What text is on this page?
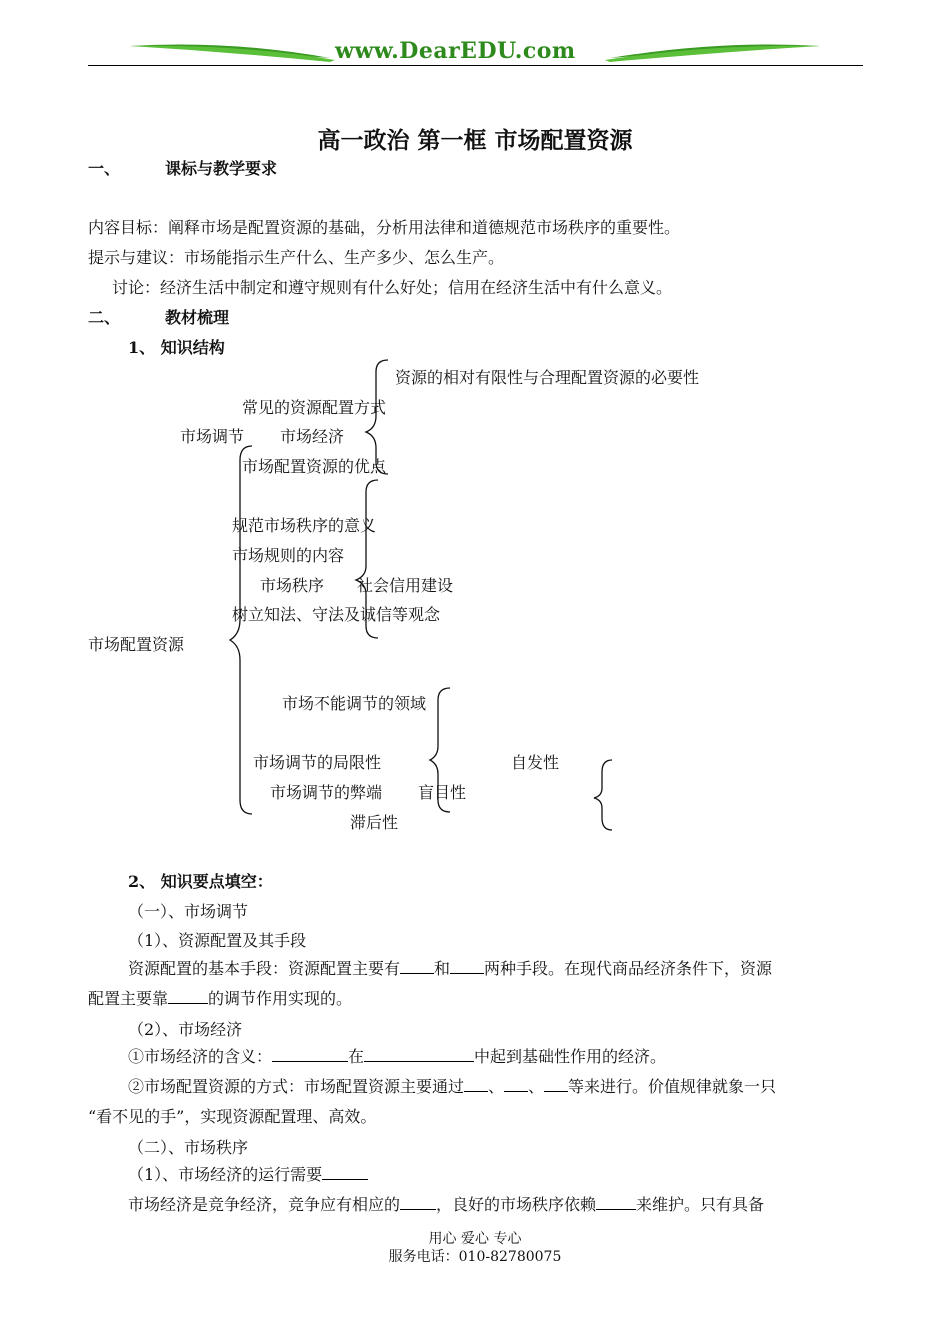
www.DearEDU.com
高一政治 第一框 市场配置资源
一、	课标与教学要求
内容目标：阐释市场是配置资源的基础，分析用法律和道德规范市场秩序的重要性。
提示与建议：市场能指示生产什么、生产多少、怎么生产。
讨论：经济生活中制定和遵守规则有什么好处；信用在经济生活中有什么意义。
二、	教材梳理
1、 知识结构
资源的相对有限性与合理配置资源的必要性
常见的资源配置方式
市场调节 市场经济
市场配置资源的优点
规范市场秩序的意义
市场规则的内容
市场秩序 社会信用建设
树立知法、守法及诚信等观念
市场配置资源
市场不能调节的领域
市场调节的局限性	自发性
市场调节的弊端 盲目性
滞后性
2、 知识要点填空：
（一）、市场调节
（1）、资源配置及其手段
资源配置的基本手段：资源配置主要有 和 两种手段。在现代商品经济条件下，资源
配置主要靠	的调节作用实现的。
（2）、市场经济
①市场经济的含义：	在	中起到基础性作用的经济。
②市场配置资源的方式：市场配置资源主要通过 、 、 等来进行。价值规律就象一只
“看不见的手”，实现资源配置理、高效。
（二）、市场秩序
（1）、市场经济的运行需要
市场经济是竞争经济，竞争应有相应的 ，良好的市场秩序依赖	来维护。只有具备
用心 爱心 专心
服务电话：010-82780075
